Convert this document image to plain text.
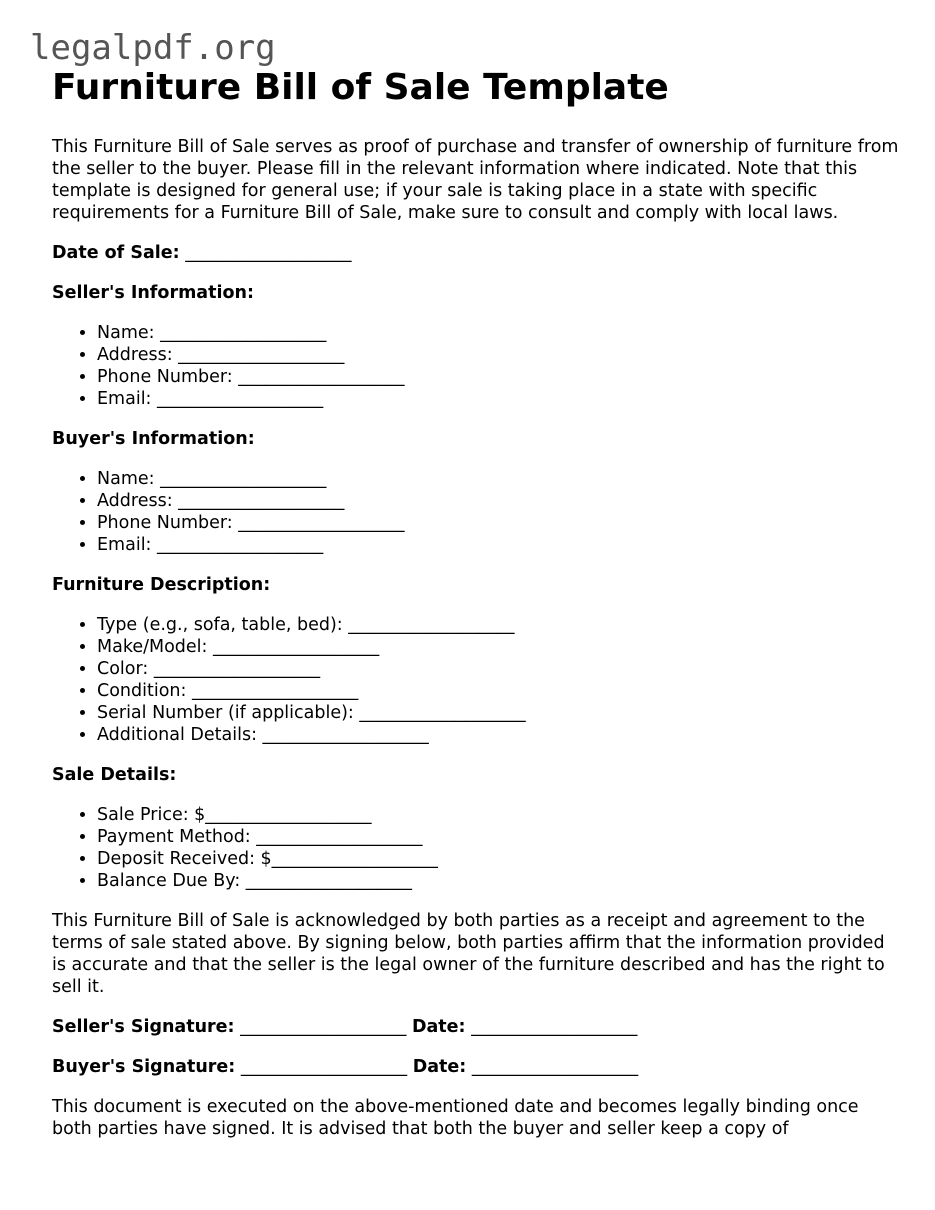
legalpdf.org
Furniture Bill of Sale Template

This Furniture Bill of Sale serves as proof of purchase and transfer of ownership of furniture from the seller to the buyer. Please fill in the relevant information where indicated. Note that this template is designed for general use; if your sale is taking place in a state with specific requirements for a Furniture Bill of Sale, make sure to consult and comply with local laws.

Date of Sale: ___________________
Seller's Information:
• Name: ___________________
• Address: ___________________
• Phone Number: ___________________
• Email: ___________________
Buyer's Information:
• Name: ___________________
• Address: ___________________
• Phone Number: ___________________
• Email: ___________________
Furniture Description:
• Type (e.g., sofa, table, bed): ___________________
• Make/Model: ___________________
• Color: ___________________
• Condition: ___________________
• Serial Number (if applicable): ___________________
• Additional Details: ___________________
Sale Details:
• Sale Price: $___________________
• Payment Method: ___________________
• Deposit Received: $___________________
• Balance Due By: ___________________

This Furniture Bill of Sale is acknowledged by both parties as a receipt and agreement to the terms of sale stated above. By signing below, both parties affirm that the information provided is accurate and that the seller is the legal owner of the furniture described and has the right to sell it.

Seller's Signature: ___________________ Date: ___________________
Buyer's Signature: ___________________ Date: ___________________

This document is executed on the above-mentioned date and becomes legally binding once both parties have signed. It is advised that both the buyer and seller keep a copy of
